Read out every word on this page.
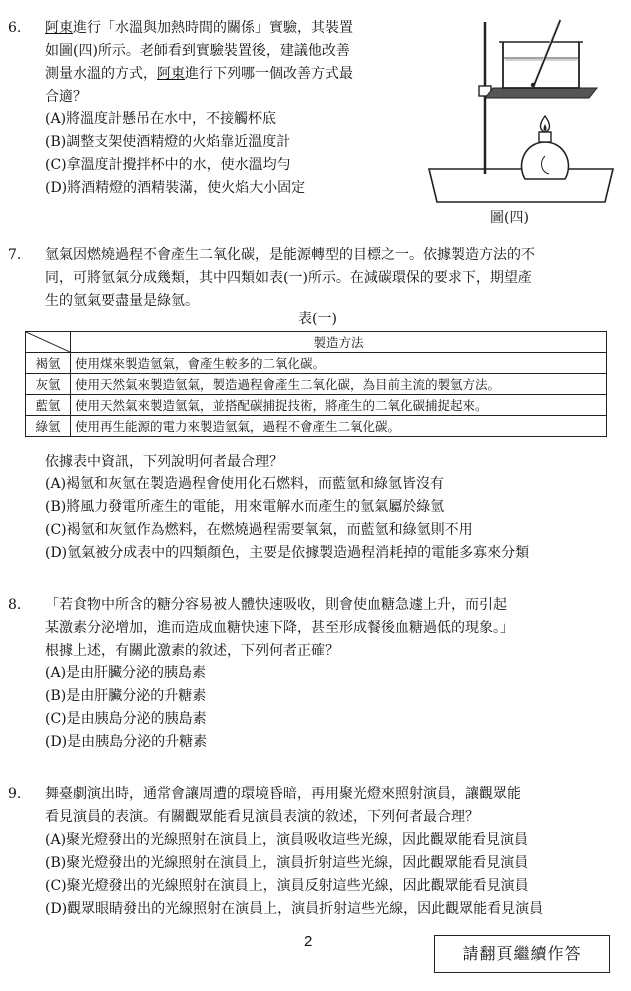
6. 阿東進行「水溫與加熱時間的關係」實驗，其裝置
如圖(四)所示。老師看到實驗裝置後，建議他改善
測量水溫的方式，阿東進行下列哪一個改善方式最
合適？
(A)將溫度計懸吊在水中，不接觸杯底
(B)調整支架使酒精燈的火焰靠近溫度計
(C)拿溫度計攪拌杯中的水，使水溫均勻
(D)將酒精燈的酒精裝滿，使火焰大小固定
圖(四)
7. 氫氣因燃燒過程不會產生二氧化碳，是能源轉型的目標之一。依據製造方法的不
同，可將氫氣分成幾類，其中四類如表(一)所示。在減碳環保的要求下，期望產
生的氫氣要盡量是綠氫。
表(一)
	製造方法
褐氫	使用煤來製造氫氣，會產生較多的二氧化碳。
灰氫	使用天然氣來製造氫氣，製造過程會產生二氧化碳，為目前主流的製氫方法。
藍氫	使用天然氣來製造氫氣，並搭配碳捕捉技術，將產生的二氧化碳捕捉起來。
綠氫	使用再生能源的電力來製造氫氣，過程不會產生二氧化碳。
依據表中資訊，下列說明何者最合理？
(A)褐氫和灰氫在製造過程會使用化石燃料，而藍氫和綠氫皆沒有
(B)將風力發電所產生的電能，用來電解水而產生的氫氣屬於綠氫
(C)褐氫和灰氫作為燃料，在燃燒過程需要氧氣，而藍氫和綠氫則不用
(D)氫氣被分成表中的四類顏色，主要是依據製造過程消耗掉的電能多寡來分類
8. 「若食物中所含的糖分容易被人體快速吸收，則會使血糖急遽上升，而引起
某激素分泌增加，進而造成血糖快速下降，甚至形成餐後血糖過低的現象。」
根據上述，有關此激素的敘述，下列何者正確？
(A)是由肝臟分泌的胰島素
(B)是由肝臟分泌的升糖素
(C)是由胰島分泌的胰島素
(D)是由胰島分泌的升糖素
9. 舞臺劇演出時，通常會讓周遭的環境昏暗，再用聚光燈來照射演員，讓觀眾能
看見演員的表演。有關觀眾能看見演員表演的敘述，下列何者最合理？
(A)聚光燈發出的光線照射在演員上，演員吸收這些光線，因此觀眾能看見演員
(B)聚光燈發出的光線照射在演員上，演員折射這些光線，因此觀眾能看見演員
(C)聚光燈發出的光線照射在演員上，演員反射這些光線，因此觀眾能看見演員
(D)觀眾眼睛發出的光線照射在演員上，演員折射這些光線，因此觀眾能看見演員
2
請翻頁繼續作答
